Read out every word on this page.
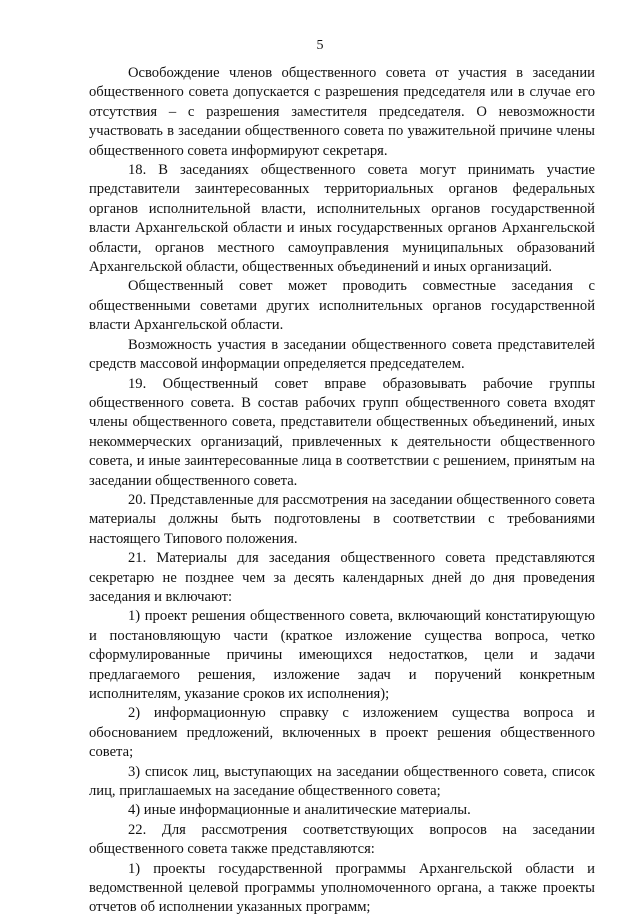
5

Освобождение членов общественного совета от участия в заседании общественного совета допускается с разрешения председателя или в случае его отсутствия – с разрешения заместителя председателя. О невозможности участвовать в заседании общественного совета по уважительной причине члены общественного совета информируют секретаря.

18. В заседаниях общественного совета могут принимать участие представители заинтересованных территориальных органов федеральных органов исполнительной власти, исполнительных органов государственной власти Архангельской области и иных государственных органов Архангельской области, органов местного самоуправления муниципальных образований Архангельской области, общественных объединений и иных организаций.

Общественный совет может проводить совместные заседания с общественными советами других исполнительных органов государственной власти Архангельской области.

Возможность участия в заседании общественного совета представителей средств массовой информации определяется председателем.

19. Общественный совет вправе образовывать рабочие группы общественного совета. В состав рабочих групп общественного совета входят члены общественного совета, представители общественных объединений, иных некоммерческих организаций, привлеченных к деятельности общественного совета, и иные заинтересованные лица в соответствии с решением, принятым на заседании общественного совета.

20. Представленные для рассмотрения на заседании общественного совета материалы должны быть подготовлены в соответствии с требованиями настоящего Типового положения.

21. Материалы для заседания общественного совета представляются секретарю не позднее чем за десять календарных дней до дня проведения заседания и включают:

1) проект решения общественного совета, включающий констатирующую и постановляющую части (краткое изложение существа вопроса, четко сформулированные причины имеющихся недостатков, цели и задачи предлагаемого решения, изложение задач и поручений конкретным исполнителям, указание сроков их исполнения);

2) информационную справку с изложением существа вопроса и обоснованием предложений, включенных в проект решения общественного совета;

3) список лиц, выступающих на заседании общественного совета, список лиц, приглашаемых на заседание общественного совета;

4) иные информационные и аналитические материалы.

22. Для рассмотрения соответствующих вопросов на заседании общественного совета также представляются:

1) проекты государственной программы Архангельской области и ведомственной целевой программы уполномоченного органа, а также проекты отчетов об исполнении указанных программ;
